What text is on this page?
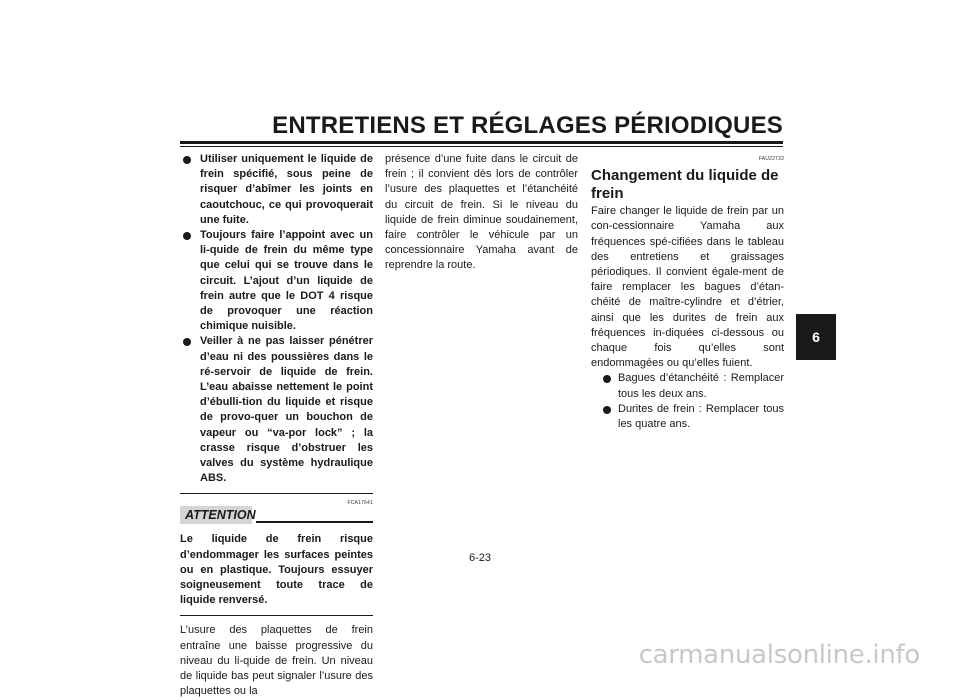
ENTRETIENS ET RÉGLAGES PÉRIODIQUES
Utiliser uniquement le liquide de frein spécifié, sous peine de risquer d’abîmer les joints en caoutchouc, ce qui provoquerait une fuite.
Toujours faire l’appoint avec un li-quide de frein du même type que celui qui se trouve dans le circuit. L’ajout d’un liquide de frein autre que le DOT 4 risque de provoquer une réaction chimique nuisible.
Veiller à ne pas laisser pénétrer d’eau ni des poussières dans le ré-servoir de liquide de frein. L’eau abaisse nettement le point d’ébulli-tion du liquide et risque de provo-quer un bouchon de vapeur ou “va-por lock” ; la crasse risque d’obstruer les valves du système hydraulique ABS.
ATTENTION
FCA17641

Le liquide de frein risque d’endommager les surfaces peintes ou en plastique. Toujours essuyer soigneusement toute trace de liquide renversé.

L’usure des plaquettes de frein entraîne une baisse progressive du niveau du li-quide de frein. Un niveau de liquide bas peut signaler l’usure des plaquettes ou la

présence d’une fuite dans le circuit de frein ; il convient dès lors de contrôler l’usure des plaquettes et l’étanchéité du circuit de frein. Si le niveau du liquide de frein diminue soudainement, faire contrôler le véhicule par un concessionnaire Yamaha avant de reprendre la route.

FAU22733
Changement du liquide de frein

Faire changer le liquide de frein par un con-cessionnaire Yamaha aux fréquences spé-cifiées dans le tableau des entretiens et graissages périodiques. Il convient égale-ment de faire remplacer les bagues d’étan-chéité de maître-cylindre et d’étrier, ainsi que les durites de frein aux fréquences in-diquées ci-dessous ou chaque fois qu’elles sont endommagées ou qu’elles fuient.

Bagues d’étanchéité : Remplacer tous les deux ans.
Durites de frein : Remplacer tous les quatre ans.
6
6-23
carmanualsonline.info
